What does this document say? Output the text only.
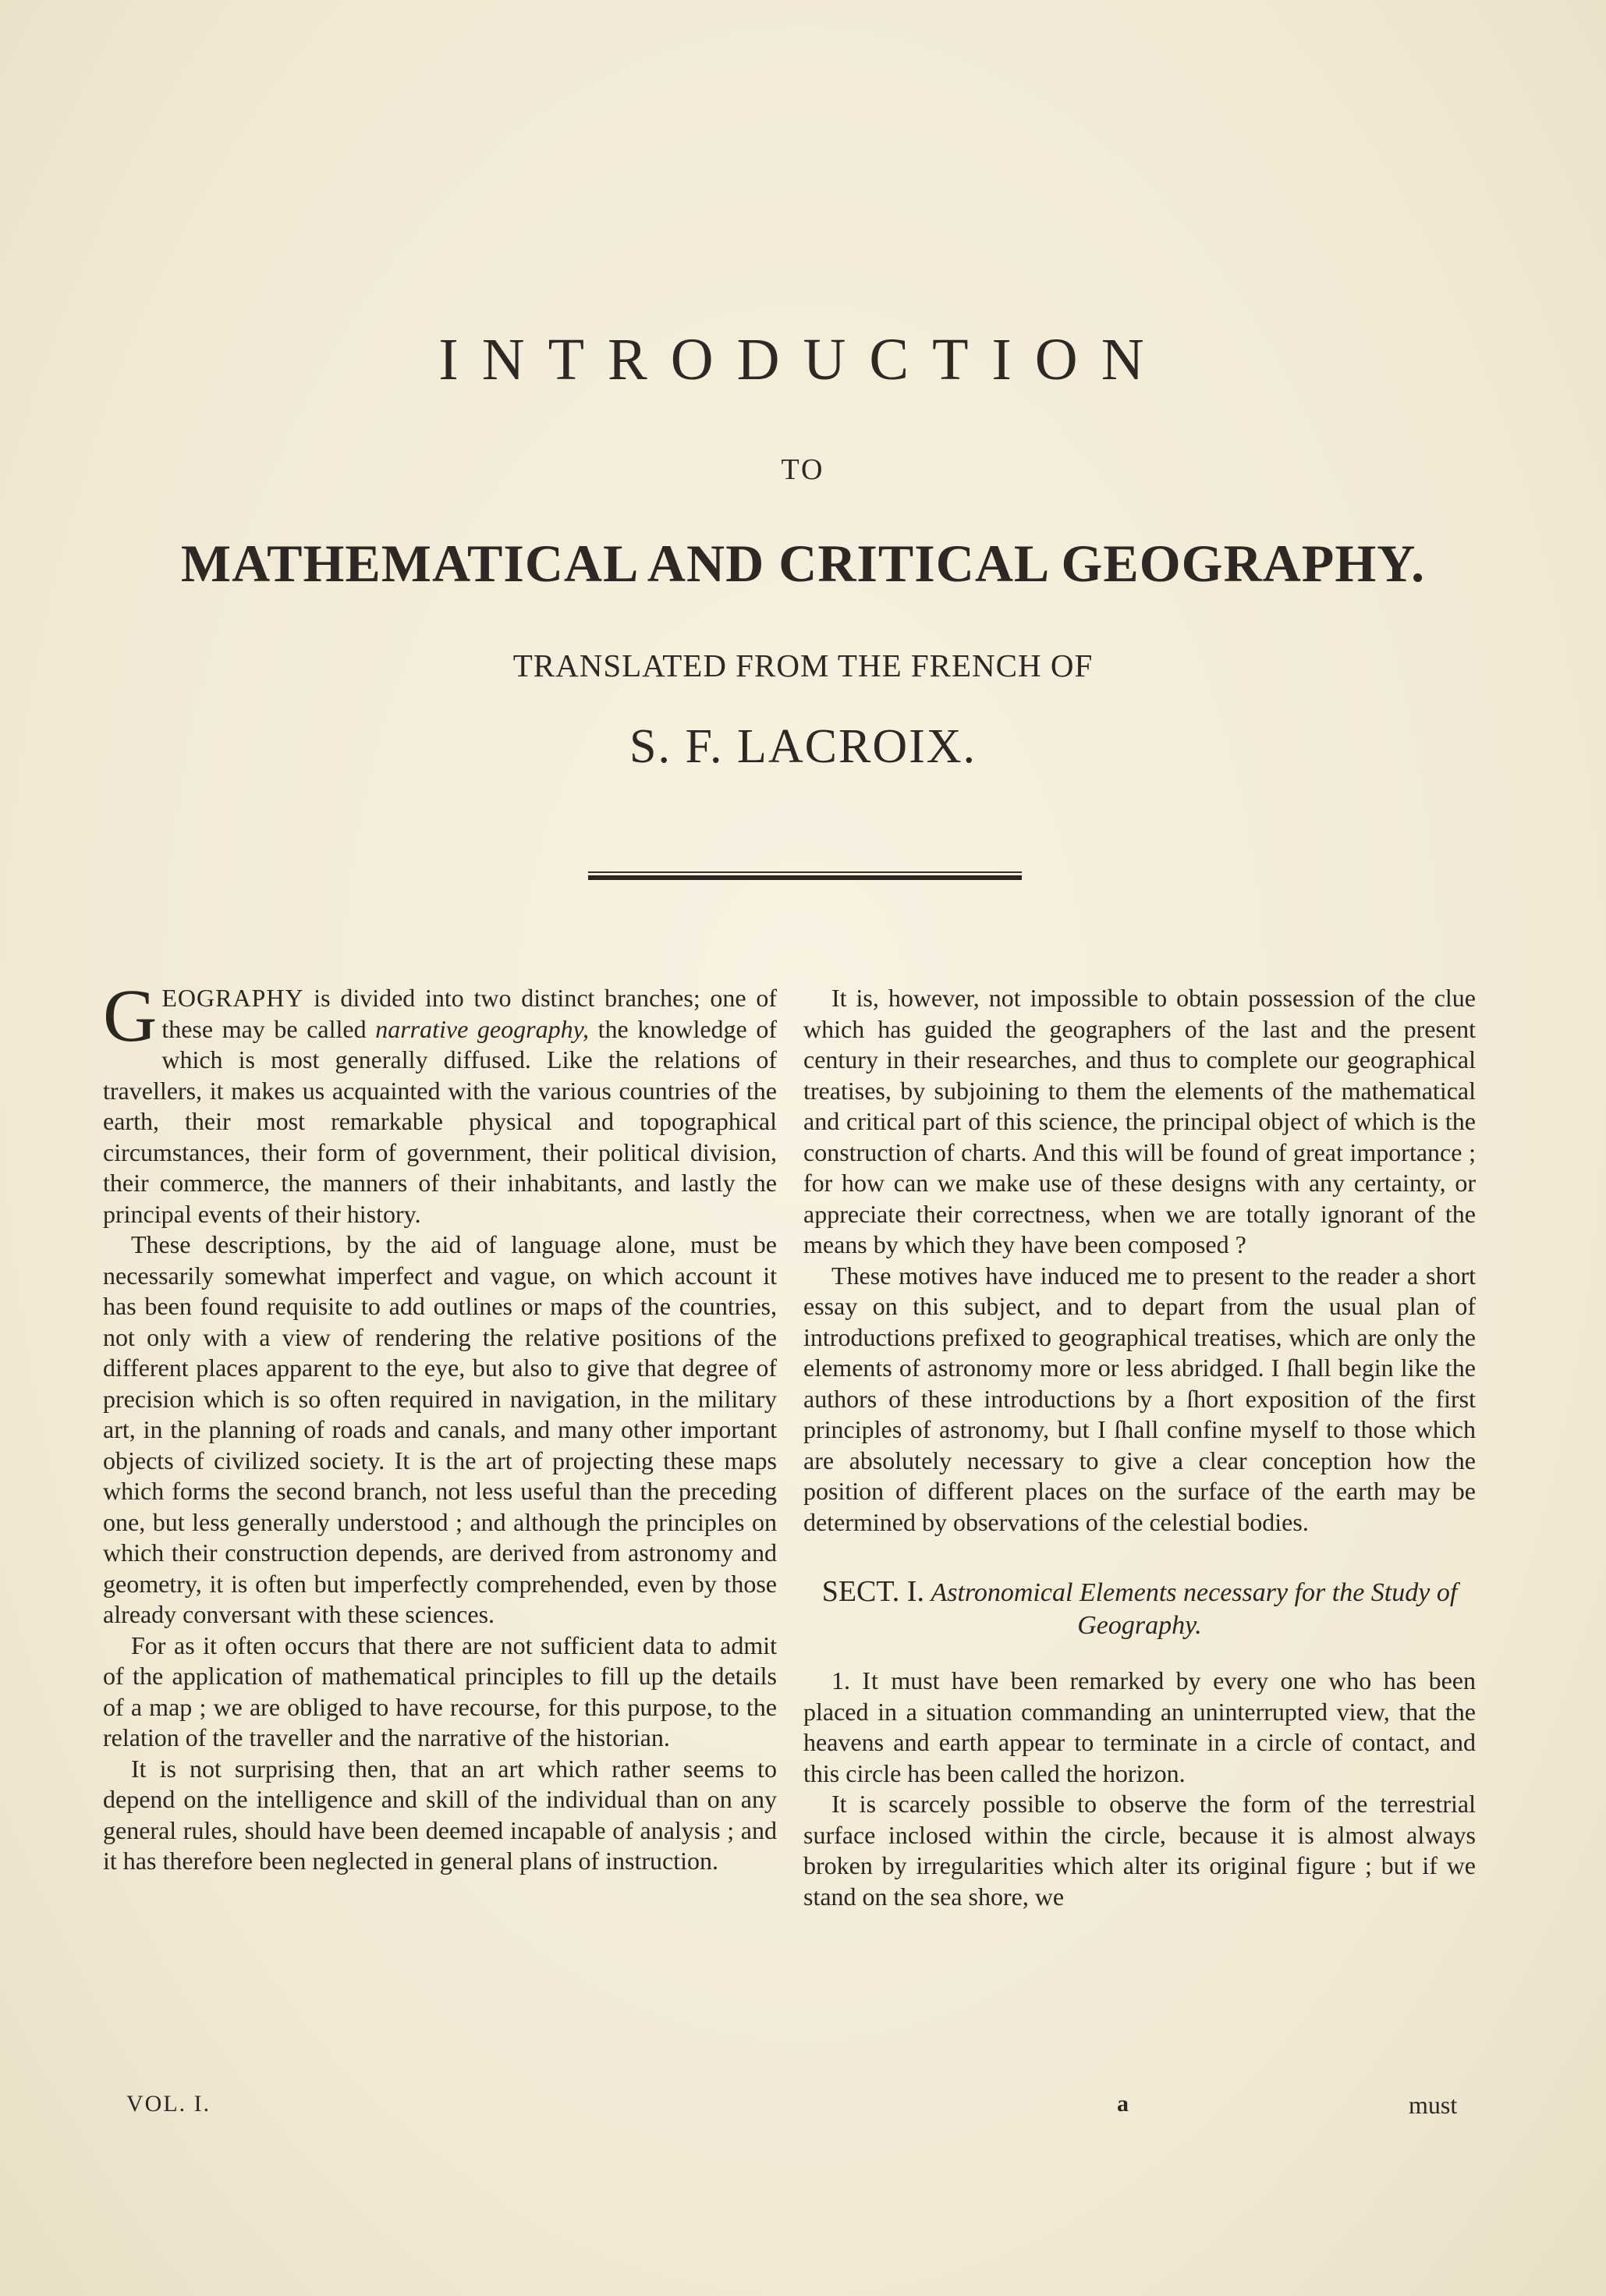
INTRODUCTION
TO
MATHEMATICAL AND CRITICAL GEOGRAPHY.
TRANSLATED FROM THE FRENCH OF
S. F. LACROIX.

GEOGRAPHY is divided into two distinct branches; one of these may be called narrative geography, the knowledge of which is most generally diffused. Like the relations of travellers, it makes us acquainted with the various countries of the earth, their most remarkable physical and topographical circumstances, their form of government, their political division, their commerce, the manners of their inhabitants, and lastly the principal events of their history.

These descriptions, by the aid of language alone, must be necessarily somewhat imperfect and vague, on which account it has been found requisite to add outlines or maps of the countries, not only with a view of rendering the relative positions of the different places apparent to the eye, but also to give that degree of precision which is so often required in navigation, in the military art, in the planning of roads and canals, and many other important objects of civilized society. It is the art of projecting these maps which forms the second branch, not less useful than the preceding one, but less generally understood ; and although the principles on which their construction depends, are derived from astronomy and geometry, it is often but imperfectly comprehended, even by those already conversant with these sciences.

For as it often occurs that there are not sufficient data to admit of the application of mathematical principles to fill up the details of a map ; we are obliged to have recourse, for this purpose, to the relation of the traveller and the narrative of the historian.

It is not surprising then, that an art which rather seems to depend on the intelligence and skill of the individual than on any general rules, should have been deemed incapable of analysis ; and it has therefore been neglected in general plans of instruction.

It is, however, not impossible to obtain possession of the clue which has guided the geographers of the last and the present century in their researches, and thus to complete our geographical treatises, by subjoining to them the elements of the mathematical and critical part of this science, the principal object of which is the construction of charts. And this will be found of great importance ; for how can we make use of these designs with any certainty, or appreciate their correctness, when we are totally ignorant of the means by which they have been composed ?

These motives have induced me to present to the reader a short essay on this subject, and to depart from the usual plan of introductions prefixed to geographical treatises, which are only the elements of astronomy more or less abridged. I ſhall begin like the authors of these introductions by a ſhort exposition of the first principles of astronomy, but I ſhall confine myself to those which are absolutely necessary to give a clear conception how the position of different places on the surface of the earth may be determined by observations of the celestial bodies.

SECT. I. Astronomical Elements necessary for the Study of Geography.

1. It must have been remarked by every one who has been placed in a situation commanding an uninterrupted view, that the heavens and earth appear to terminate in a circle of contact, and this circle has been called the horizon.

It is scarcely possible to observe the form of the terrestrial surface inclosed within the circle, because it is almost always broken by irregularities which alter its original figure ; but if we stand on the sea shore, we

VOL. I.	a	must
